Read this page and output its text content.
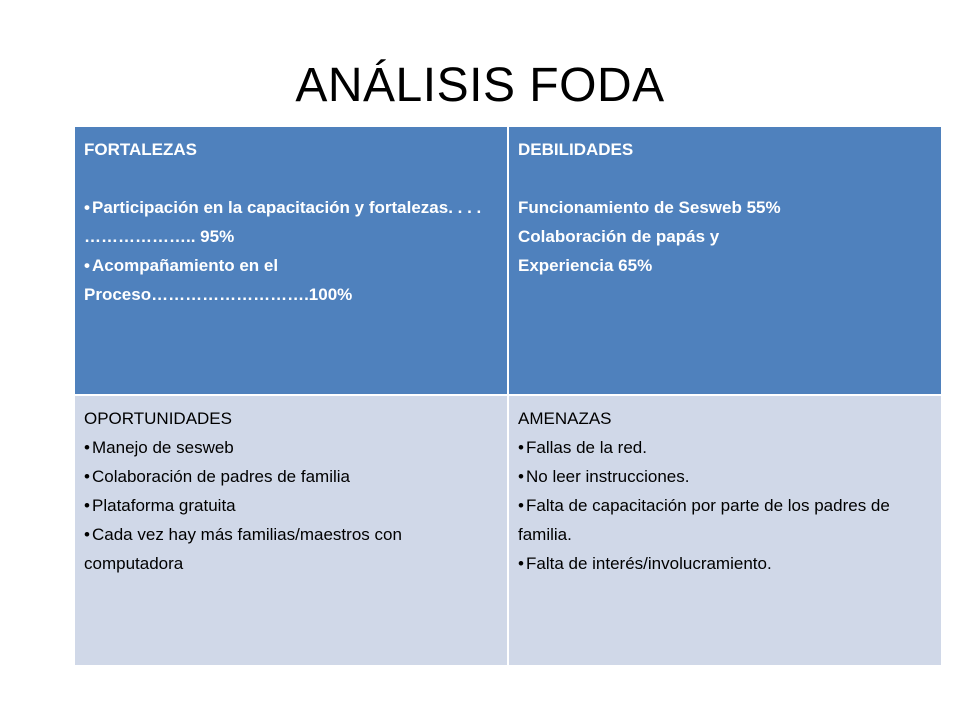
ANÁLISIS FODA
FORTALEZAS
• Participación en la capacitación y fortalezas. . . . ……………….. 95%
• Acompañamiento en el Proceso……………………….100%
DEBILIDADES
Funcionamiento de Sesweb 55%
Colaboración de papás y
Experiencia 65%
OPORTUNIDADES
• Manejo de sesweb
• Colaboración de padres de familia
• Plataforma gratuita
• Cada vez hay más familias/maestros con computadora
AMENAZAS
• Fallas de la red.
• No leer instrucciones.
• Falta de capacitación por parte de los padres de familia.
• Falta de interés/involucramiento.
